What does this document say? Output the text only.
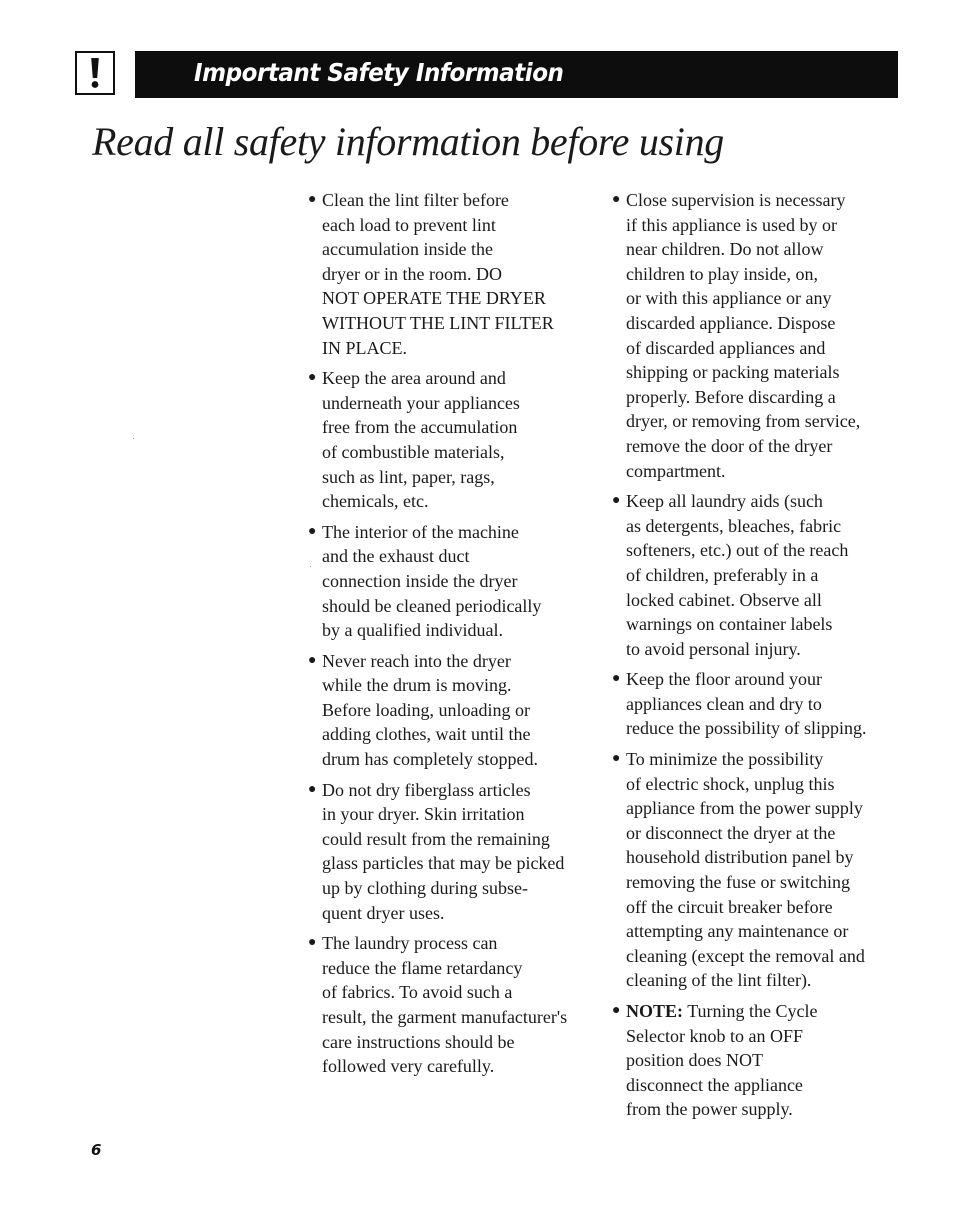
Important Safety Information
Read all safety information before using
● Clean the lint filter before
each load to prevent lint
accumulation inside the
dryer or in the room. DO
NOT OPERATE THE DRYER
WITHOUT THE LINT FILTER
IN PLACE.
● Keep the area around and
underneath your appliances
free from the accumulation
of combustible materials,
such as lint, paper, rags,
chemicals, etc.
● The interior of the machine
and the exhaust duct
connection inside the dryer
should be cleaned periodically
by a qualified individual.
● Never reach into the dryer
while the drum is moving.
Before loading, unloading or
adding clothes, wait until the
drum has completely stopped.
● Do not dry fiberglass articles
in your dryer. Skin irritation
could result from the remaining
glass particles that may be picked
up by clothing during subse-
quent dryer uses.
● The laundry process can
reduce the flame retardancy
of fabrics. To avoid such a
result, the garment manufacturer's
care instructions should be
followed very carefully.
● Close supervision is necessary
if this appliance is used by or
near children. Do not allow
children to play inside, on,
or with this appliance or any
discarded appliance. Dispose
of discarded appliances and
shipping or packing materials
properly. Before discarding a
dryer, or removing from service,
remove the door of the dryer
compartment.
● Keep all laundry aids (such
as detergents, bleaches, fabric
softeners, etc.) out of the reach
of children, preferably in a
locked cabinet. Observe all
warnings on container labels
to avoid personal injury.
● Keep the floor around your
appliances clean and dry to
reduce the possibility of slipping.
● To minimize the possibility
of electric shock, unplug this
appliance from the power supply
or disconnect the dryer at the
household distribution panel by
removing the fuse or switching
off the circuit breaker before
attempting any maintenance or
cleaning (except the removal and
cleaning of the lint filter).
● NOTE: Turning the Cycle
Selector knob to an OFF
position does NOT
disconnect the appliance
from the power supply.
6
